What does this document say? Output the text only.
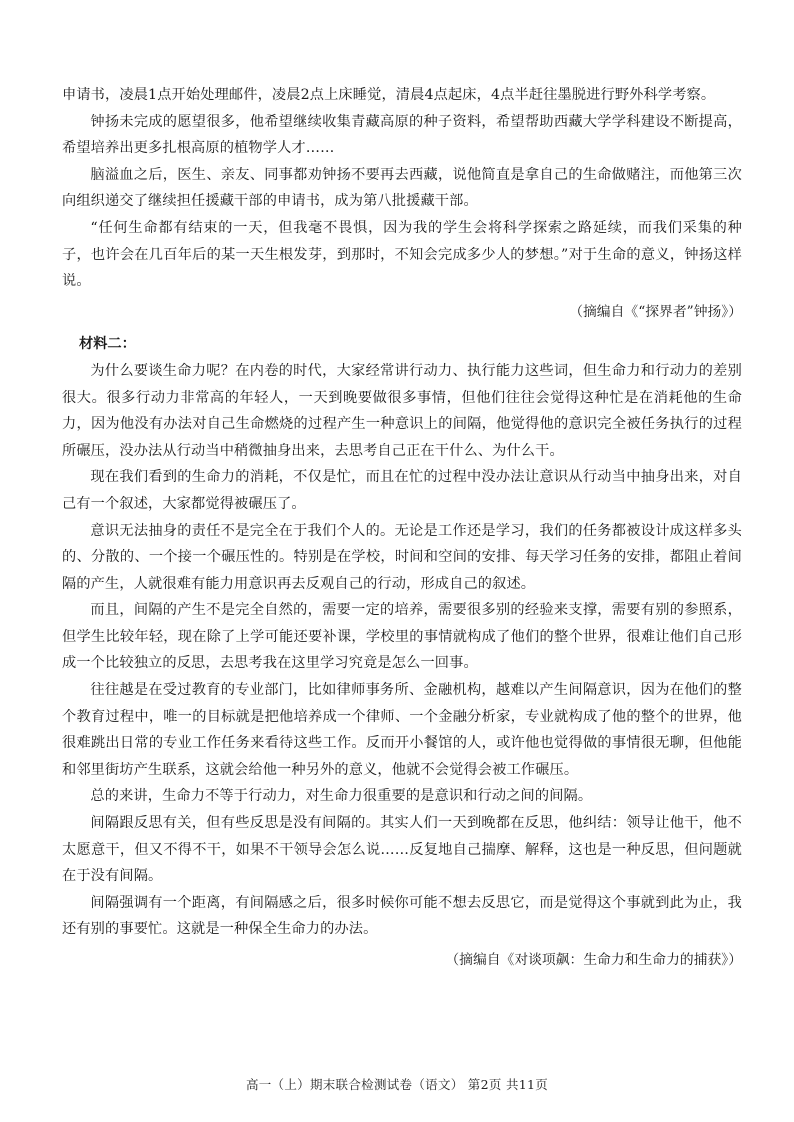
申请书，凌晨1点开始处理邮件，凌晨2点上床睡觉，清晨4点起床，4点半赶往墨脱进行野外科学考察。

钟扬未完成的愿望很多，他希望继续收集青藏高原的种子资料，希望帮助西藏大学学科建设不断提高，希望培养出更多扎根高原的植物学人才……

脑溢血之后，医生、亲友、同事都劝钟扬不要再去西藏，说他简直是拿自己的生命做赌注，而他第三次向组织递交了继续担任援藏干部的申请书，成为第八批援藏干部。

“任何生命都有结束的一天，但我毫不畏惧，因为我的学生会将科学探索之路延续，而我们采集的种子，也许会在几百年后的某一天生根发芽，到那时，不知会完成多少人的梦想。”对于生命的意义，钟扬这样说。

（摘编自《“探界者”钟扬》）

材料二：

为什么要谈生命力呢？在内卷的时代，大家经常讲行动力、执行能力这些词，但生命力和行动力的差别很大。很多行动力非常高的年轻人，一天到晚要做很多事情，但他们往往会觉得这种忙是在消耗他的生命力，因为他没有办法对自己生命燃烧的过程产生一种意识上的间隔，他觉得他的意识完全被任务执行的过程所碾压，没办法从行动当中稍微抽身出来，去思考自己正在干什么、为什么干。

现在我们看到的生命力的消耗，不仅是忙，而且在忙的过程中没办法让意识从行动当中抽身出来，对自己有一个叙述，大家都觉得被碾压了。

意识无法抽身的责任不是完全在于我们个人的。无论是工作还是学习，我们的任务都被设计成这样多头的、分散的、一个接一个碾压性的。特别是在学校，时间和空间的安排、每天学习任务的安排，都阻止着间隔的产生，人就很难有能力用意识再去反观自己的行动，形成自己的叙述。

而且，间隔的产生不是完全自然的，需要一定的培养，需要很多别的经验来支撑，需要有别的参照系，但学生比较年轻，现在除了上学可能还要补课，学校里的事情就构成了他们的整个世界，很难让他们自己形成一个比较独立的反思，去思考我在这里学习究竟是怎么一回事。

往往越是在受过教育的专业部门，比如律师事务所、金融机构，越难以产生间隔意识，因为在他们的整个教育过程中，唯一的目标就是把他培养成一个律师、一个金融分析家，专业就构成了他的整个的世界，他很难跳出日常的专业工作任务来看待这些工作。反而开小餐馆的人，或许他也觉得做的事情很无聊，但他能和邻里街坊产生联系，这就会给他一种另外的意义，他就不会觉得会被工作碾压。

总的来讲，生命力不等于行动力，对生命力很重要的是意识和行动之间的间隔。

间隔跟反思有关，但有些反思是没有间隔的。其实人们一天到晚都在反思，他纠结：领导让他干，他不太愿意干，但又不得不干，如果不干领导会怎么说……反复地自己揣摩、解释，这也是一种反思，但问题就在于没有间隔。

间隔强调有一个距离，有间隔感之后，很多时候你可能不想去反思它，而是觉得这个事就到此为止，我还有别的事要忙。这就是一种保全生命力的办法。

（摘编自《对谈项飙：生命力和生命力的捕获》）

高一（上）期末联合检测试卷（语文） 第2页 共11页
